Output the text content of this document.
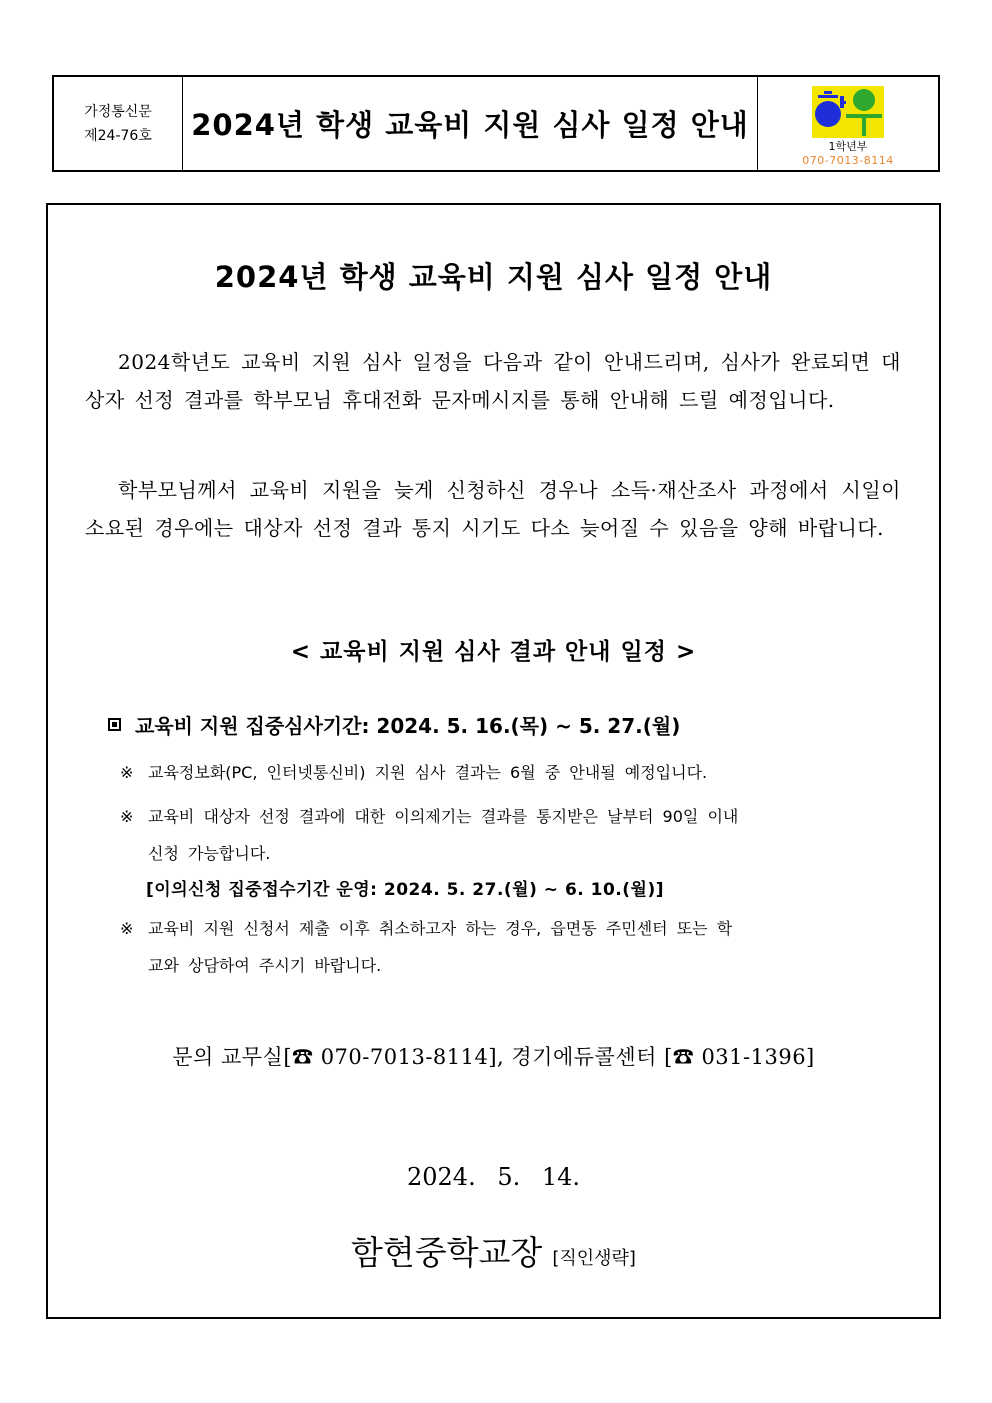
가정통신문
제24-76호 2024년 학생 교육비 지원 심사 일정 안내
1학년부
070-7013-8114
2024년 학생 교육비 지원 심사 일정 안내
2024학년도 교육비 지원 심사 일정을 다음과 같이 안내드리며, 심사가 완료되면 대상자 선정 결과를 학부모님 휴대전화 문자메시지를 통해 안내해 드릴 예정입니다.
학부모님께서 교육비 지원을 늦게 신청하신 경우나 소득·재산조사 과정에서 시일이 소요된 경우에는 대상자 선정 결과 통지 시기도 다소 늦어질 수 있음을 양해 바랍니다.
< 교육비 지원 심사 결과 안내 일정 >
교육비 지원 집중심사기간: 2024. 5. 16.(목) ~ 5. 27.(월)
※ 교육정보화(PC, 인터넷통신비) 지원 심사 결과는 6월 중 안내될 예정입니다.
※ 교육비 대상자 선정 결과에 대한 이의제기는 결과를 통지받은 날부터 90일 이내
신청 가능합니다.
[이의신청 집중접수기간 운영: 2024. 5. 27.(월) ~ 6. 10.(월)]
※ 교육비 지원 신청서 제출 이후 취소하고자 하는 경우, 읍면동 주민센터 또는 학
교와 상담하여 주시기 바랍니다.
문의 교무실[☎ 070-7013-8114], 경기에듀콜센터 [☎ 031-1396]
2024. 5. 14.
함현중학교장 [직인생략]
